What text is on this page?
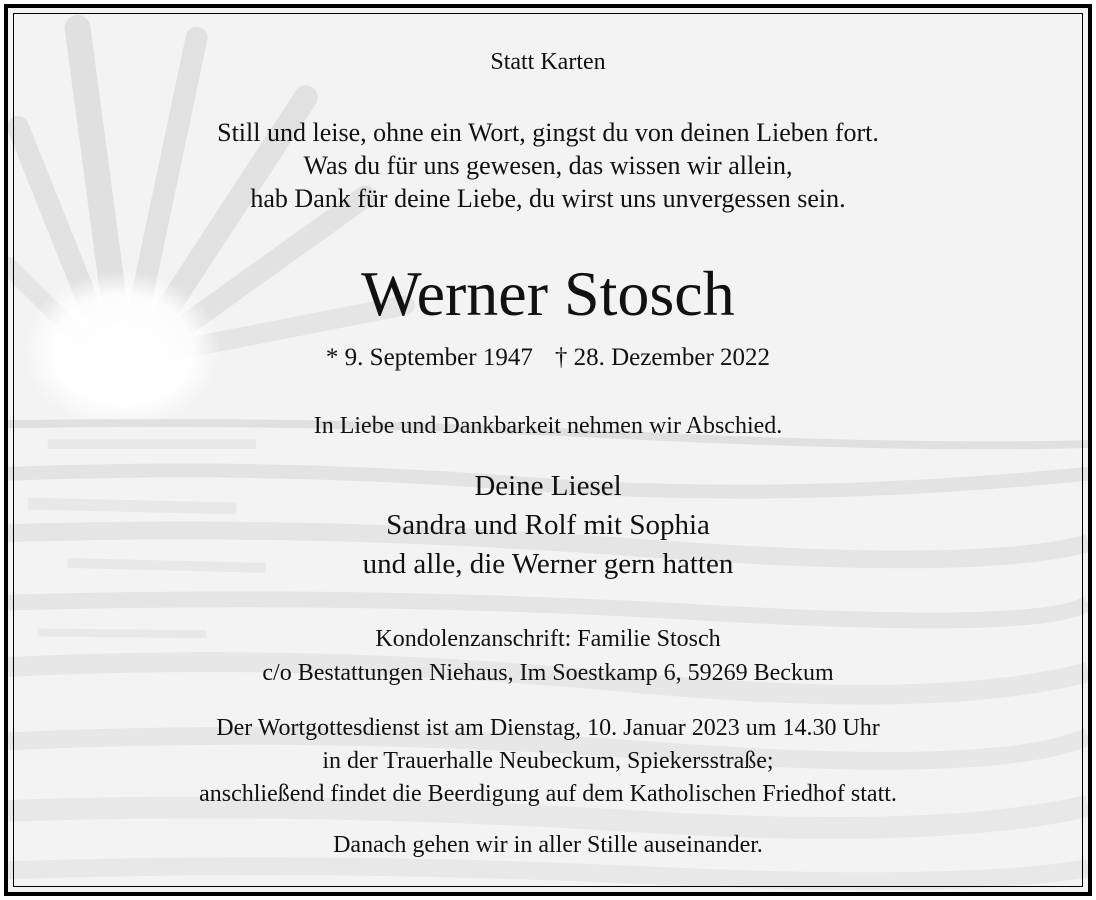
Statt Karten
Still und leise, ohne ein Wort, gingst du von deinen Lieben fort.
Was du für uns gewesen, das wissen wir allein,
hab Dank für deine Liebe, du wirst uns unvergessen sein.
Werner Stosch
* 9. September 1947 † 28. Dezember 2022
In Liebe und Dankbarkeit nehmen wir Abschied.
Deine Liesel
Sandra und Rolf mit Sophia
und alle, die Werner gern hatten
Kondolenzanschrift: Familie Stosch
c/o Bestattungen Niehaus, Im Soestkamp 6, 59269 Beckum
Der Wortgottesdienst ist am Dienstag, 10. Januar 2023 um 14.30 Uhr
in der Trauerhalle Neubeckum, Spiekersstraße;
anschließend findet die Beerdigung auf dem Katholischen Friedhof statt.
Danach gehen wir in aller Stille auseinander.
